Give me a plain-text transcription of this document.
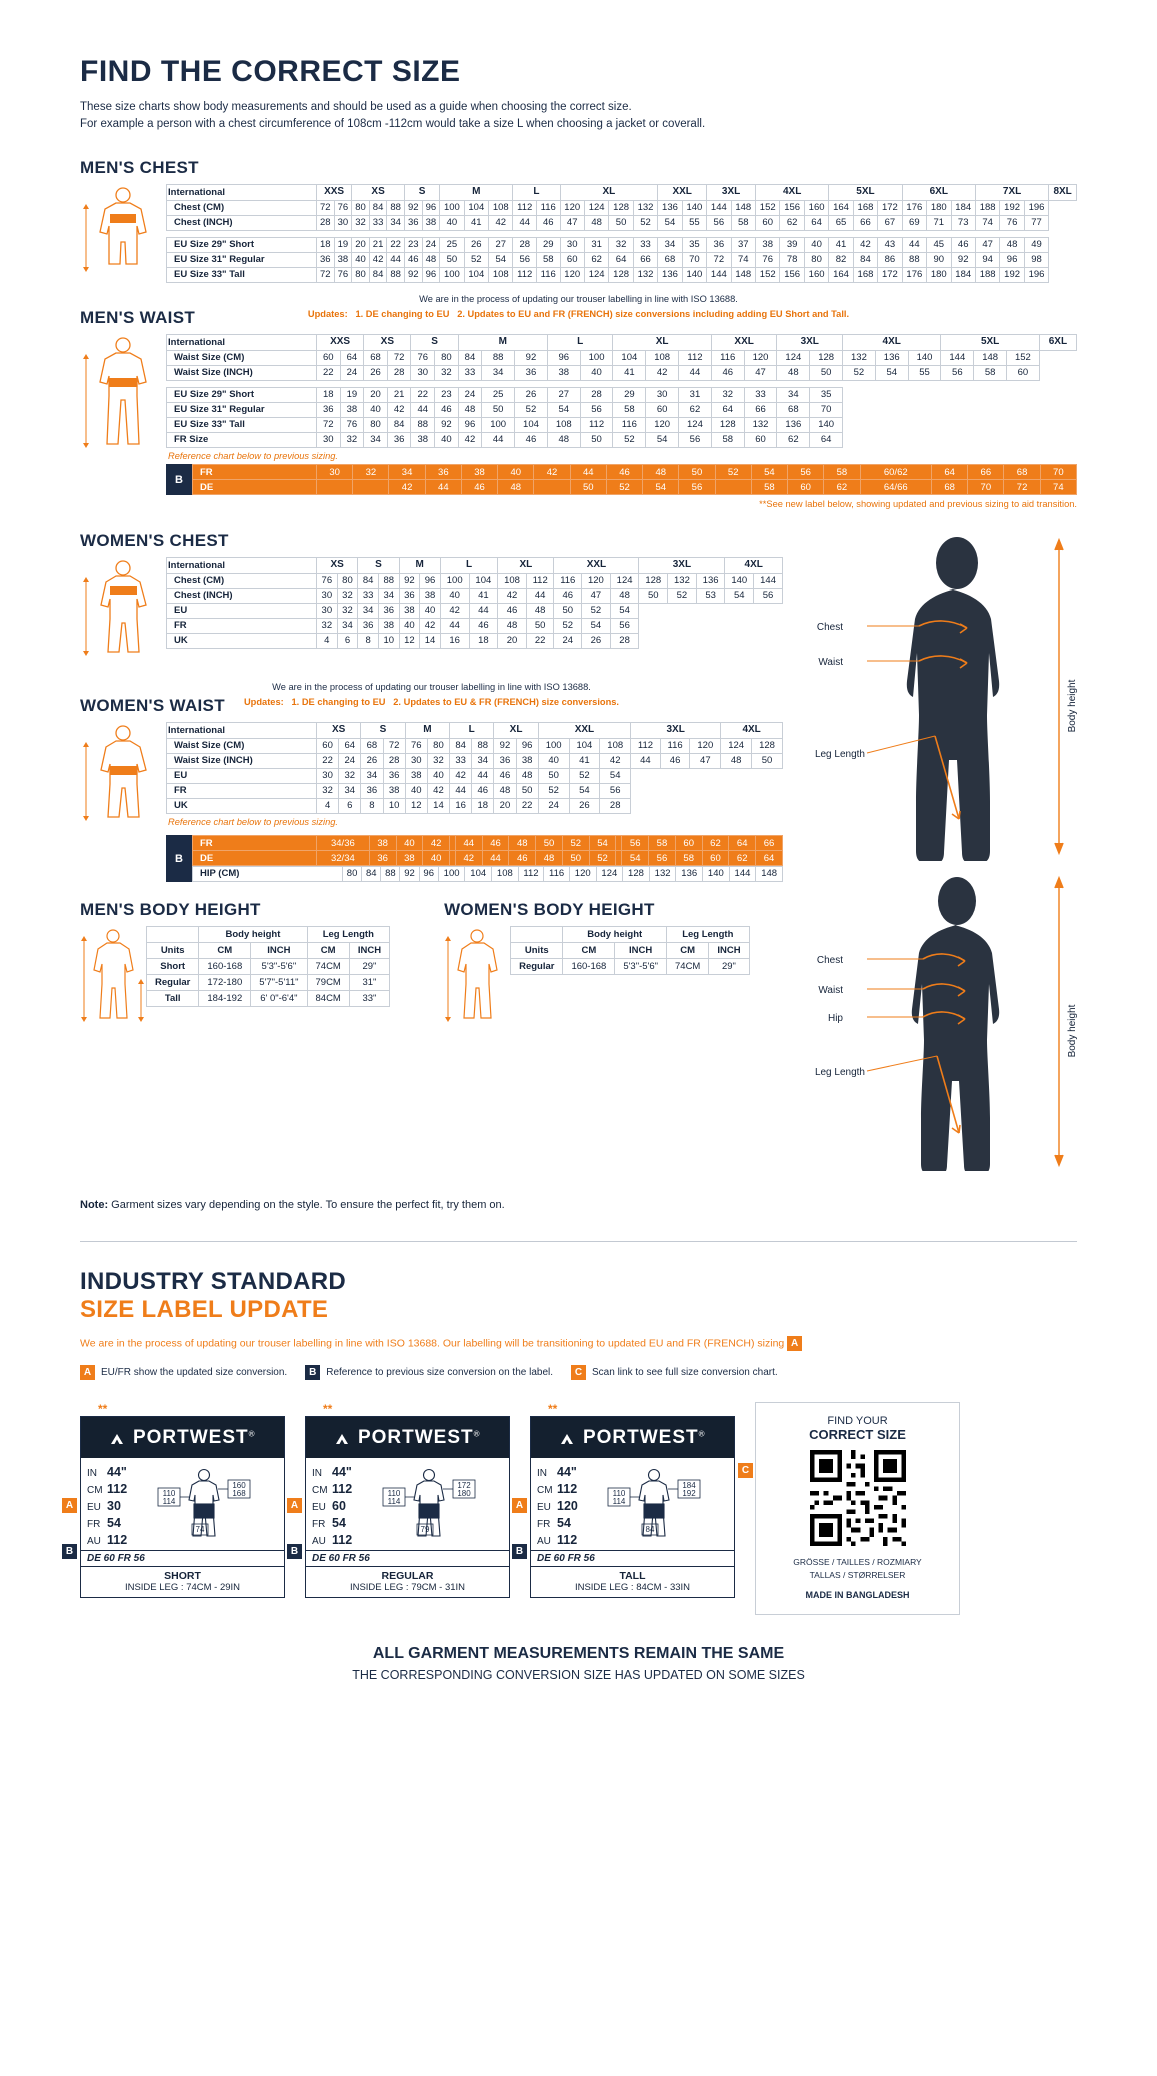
FIND THE CORRECT SIZE
These size charts show body measurements and should be used as a guide when choosing the correct size.
For example a person with a chest circumference of 108cm -112cm would take a size L when choosing a jacket or coverall.
MEN'S CHEST
International	XXS		XS			S		M			L		XL				XXL		3XL		4XL			5XL			6XL			7XL			8XL
Chest (CM)	72	76	80	84	88	92	96	100	104	108	112	116	120	124	128	132	136	140	144	148	152	156	160	164	168	172	176	180	184	188	192	196	
Chest (INCH)	28	30	32	33	34	36	38	40	41	42	44	46	47	48	50	52	54	55	56	58	60	62	64	65	66	67	69	71	73	74	76	77	

EU Size 29" Short	18	19	20	21	22	23	24	25	26	27	28	29	30	31	32	33	34	35	36	37	38	39	40	41	42	43	44	45	46	47	48	49	
EU Size 31" Regular	36	38	40	42	44	46	48	50	52	54	56	58	60	62	64	66	68	70	72	74	76	78	80	82	84	86	88	90	92	94	96	98	
EU Size 33" Tall	72	76	80	84	88	92	96	100	104	108	112	116	120	124	128	132	136	140	144	148	152	156	160	164	168	172	176	180	184	188	192	196	
We are in the process of updating our trouser labelling in line with ISO 13688.
Updates: 1. DE changing to EU 2. Updates to EU and FR (FRENCH) size conversions including adding EU Short and Tall.
MEN'S WAIST
International	XXS		XS		S		M			L		XL			XXL		3XL		4XL			5XL			6XL
Waist Size (CM)	60	64	68	72	76	80	84	88	92	96	100	104	108	112	116	120	124	128	132	136	140	144	148	152	
Waist Size (INCH)	22	24	26	28	30	32	33	34	36	38	40	41	42	44	46	47	48	50	52	54	55	56	58	60	

EU Size 29" Short	18	19	20	21	22	23	24	25	26	27	28	29	30	31	32	33	34	35							
EU Size 31" Regular	36	38	40	42	44	46	48	50	52	54	56	58	60	62	64	66	68	70							
EU Size 33" Tall	72	76	80	84	88	92	96	100	104	108	112	116	120	124	128	132	136	140							
FR Size	30	32	34	36	38	40	42	44	46	48	50	52	54	56	58	60	62	64							
Reference chart below to previous sizing.
B
FR	30	32	34	36	38	40	42	44	46	48	50	52	54	56	58	60/62	64	66	68	70
DE			42	44	46	48		50	52	54	56		58	60	62	64/66	68	70	72	74
**See new label below, showing updated and previous sizing to aid transition.
WOMEN'S CHEST
International	XS		S		M		L		XL		XXL			3XL			4XL	
Chest (CM)	76	80	84	88	92	96	100	104	108	112	116	120	124	128	132	136	140	144
Chest (INCH)	30	32	33	34	36	38	40	41	42	44	46	47	48	50	52	53	54	56
EU	30	32	34	36	38	40	42	44	46	48	50	52	54					
FR	32	34	36	38	40	42	44	46	48	50	52	54	56					
UK	4	6	8	10	12	14	16	18	20	22	24	26	28					
We are in the process of updating our trouser labelling in line with ISO 13688.
Updates: 1. DE changing to EU 2. Updates to EU & FR (FRENCH) size conversions.
WOMEN'S WAIST
International	XS		S		M		L		XL		XXL			3XL			4XL	
Waist Size (CM)	60	64	68	72	76	80	84	88	92	96	100	104	108	112	116	120	124	128
Waist Size (INCH)	22	24	26	28	30	32	33	34	36	38	40	41	42	44	46	47	48	50
EU	30	32	34	36	38	40	42	44	46	48	50	52	54					
FR	32	34	36	38	40	42	44	46	48	50	52	54	56					
UK	4	6	8	10	12	14	16	18	20	22	24	26	28					
Reference chart below to previous sizing.
B
FR	34/36	38	40	42		44	46	48	50	52	54		56	58	60	62	64	66
DE	32/34	36	38	40		42	44	46	48	50	52		54	56	58	60	62	64
HIP (CM)	80	84	88	92	96	100	104	108	112	116	120	124	128	132	136	140	144	148
MEN'S BODY HEIGHT
	Body height		Leg Length	
Units	CM	INCH	CM	INCH
Short	160-168	5'3"-5'6"	74CM	29"
Regular	172-180	5'7"-5'11"	79CM	31"
Tall	184-192	6' 0"-6'4"	84CM	33"
WOMEN'S BODY HEIGHT
	Body height		Leg Length	
Units	CM	INCH	CM	INCH
Regular	160-168	5'3"-5'6"	74CM	29"
Chest
Waist
Leg Length
Body height
Chest
Waist
Hip
Leg Length
Body height
Note: Garment sizes vary depending on the style. To ensure the perfect fit, try them on.
INDUSTRY STANDARD
SIZE LABEL UPDATE
We are in the process of updating our trouser labelling in line with ISO 13688. Our labelling will be transitioning to updated EU and FR (FRENCH) sizing A
A EU/FR show the updated size conversion.	B Reference to previous size conversion on the label.	C Scan link to see full size conversion chart.
**
PORTWEST®
IN 44"
CM 112
EU 30
FR 54
AU 112
110
114
160
168
74
DE 60 FR 56
SHORT
INSIDE LEG : 74CM - 29IN
A
B
**
PORTWEST®
IN 44"
CM 112
EU 60
FR 54
AU 112
110
114
172
180
79
DE 60 FR 56
REGULAR
INSIDE LEG : 79CM - 31IN
A
B
**
PORTWEST®
IN 44"
CM 112
EU 120
FR 54
AU 112
110
114
184
192
84
DE 60 FR 56
TALL
INSIDE LEG : 84CM - 33IN
A
B
C
FIND YOUR
CORRECT SIZE
GRÖSSE / TAILLES / ROZMIARY
TALLAS / STØRRELSER
MADE IN BANGLADESH
ALL GARMENT MEASUREMENTS REMAIN THE SAME
THE CORRESPONDING CONVERSION SIZE HAS UPDATED ON SOME SIZES
